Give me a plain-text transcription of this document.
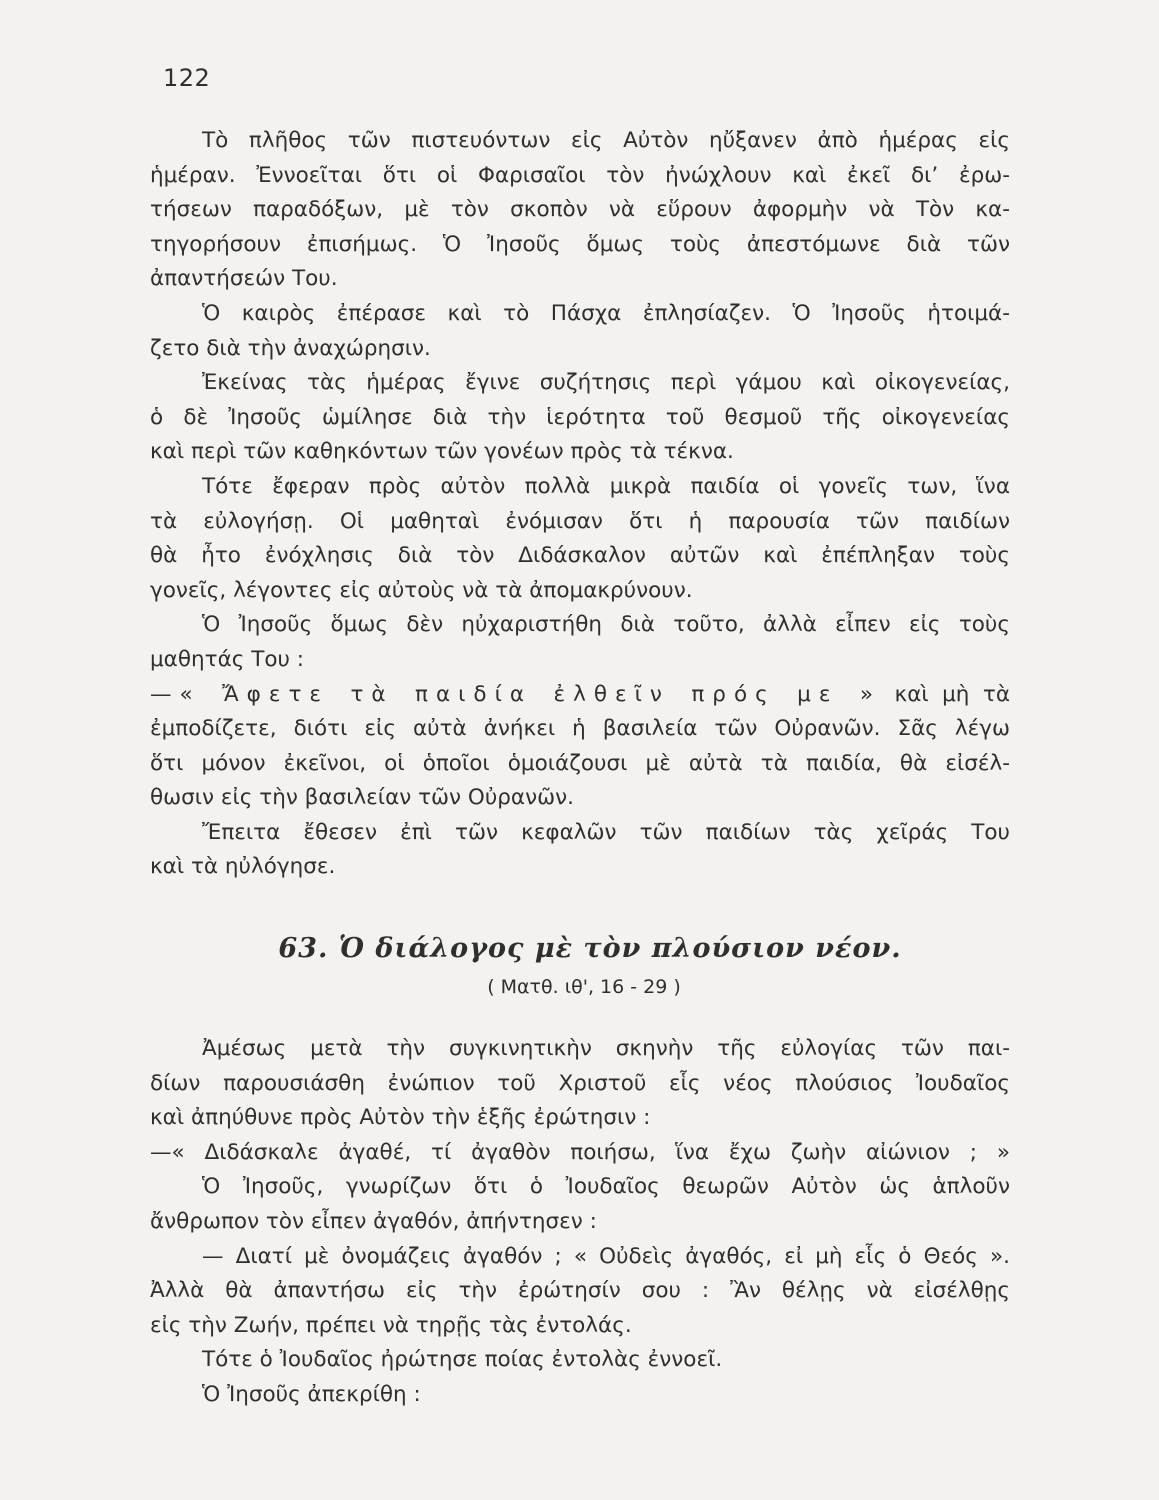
122
Τὸ πλῆθος τῶν πιστευόντων εἰς Αὐτὸν ηὔξανεν ἀπὸ ἡμέρας εἰς
ἡμέραν. Ἐννοεῖται ὅτι οἱ Φαρισαῖοι τὸν ἠνώχλουν καὶ ἐκεῖ δι’ ἐρω-
τήσεων παραδόξων, μὲ τὸν σκοπὸν νὰ εὕρουν ἀφορμὴν νὰ Τὸν κα-
τηγορήσουν ἐπισήμως. Ὁ Ἰησοῦς ὅμως τοὺς ἀπεστόμωνε διὰ τῶν
ἀπαντήσεών Του.
Ὁ καιρὸς ἐπέρασε καὶ τὸ Πάσχα ἐπλησίαζεν. Ὁ Ἰησοῦς ἡτοιμά-
ζετο διὰ τὴν ἀναχώρησιν.
Ἐκείνας τὰς ἡμέρας ἔγινε συζήτησις περὶ γάμου καὶ οἰκογενείας,
ὁ δὲ Ἰησοῦς ὡμίλησε διὰ τὴν ἱερότητα τοῦ θεσμοῦ τῆς οἰκογενείας
καὶ περὶ τῶν καθηκόντων τῶν γονέων πρὸς τὰ τέκνα.
Τότε ἔφεραν πρὸς αὐτὸν πολλὰ μικρὰ παιδία οἱ γονεῖς των, ἵνα
τὰ εὐλογήσῃ. Οἱ μαθηταὶ ἐνόμισαν ὅτι ἡ παρουσία τῶν παιδίων
θὰ ἦτο ἐνόχλησις διὰ τὸν Διδάσκαλον αὐτῶν καὶ ἐπέπληξαν τοὺς
γονεῖς, λέγοντες εἰς αὐτοὺς νὰ τὰ ἀπομακρύνουν.
Ὁ Ἰησοῦς ὅμως δὲν ηὐχαριστήθη διὰ τοῦτο, ἀλλὰ εἶπεν εἰς τοὺς
μαθητάς Του :
—« Ἄφετε τὰ παιδία ἐλθεῖν πρός με » καὶ μὴ τὰ
ἐμποδίζετε, διότι εἰς αὐτὰ ἀνήκει ἡ βασιλεία τῶν Οὐρανῶν. Σᾶς λέγω
ὅτι μόνον ἐκεῖνοι, οἱ ὁποῖοι ὁμοιάζουσι μὲ αὐτὰ τὰ παιδία, θὰ εἰσέλ-
θωσιν εἰς τὴν βασιλείαν τῶν Οὐρανῶν.
Ἔπειτα ἔθεσεν ἐπὶ τῶν κεφαλῶν τῶν παιδίων τὰς χεῖράς Του
καὶ τὰ ηὐλόγησε.
63. Ὁ διάλογος μὲ τὸν πλούσιον νέον.
( Ματθ. ιθ', 16 - 29 )
Ἀμέσως μετὰ τὴν συγκινητικὴν σκηνὴν τῆς εὐλογίας τῶν παι-
δίων παρουσιάσθη ἐνώπιον τοῦ Χριστοῦ εἷς νέος πλούσιος Ἰουδαῖος
καὶ ἀπηύθυνε πρὸς Αὐτὸν τὴν ἑξῆς ἐρώτησιν :
—« Διδάσκαλε ἀγαθέ, τί ἀγαθὸν ποιήσω, ἵνα ἔχω ζωὴν αἰώνιον ; »
Ὁ Ἰησοῦς, γνωρίζων ὅτι ὁ Ἰουδαῖος θεωρῶν Αὐτὸν ὡς ἁπλοῦν
ἄνθρωπον τὸν εἶπεν ἀγαθόν, ἀπήντησεν :
— Διατί μὲ ὀνομάζεις ἀγαθόν ; « Οὐδεὶς ἀγαθός, εἰ μὴ εἷς ὁ Θεός ».
Ἀλλὰ θὰ ἀπαντήσω εἰς τὴν ἐρώτησίν σου : Ἂν θέλῃς νὰ εἰσέλθῃς
εἰς τὴν Ζωήν, πρέπει νὰ τηρῇς τὰς ἐντολάς.
Τότε ὁ Ἰουδαῖος ἠρώτησε ποίας ἐντολὰς ἐννοεῖ.
Ὁ Ἰησοῦς ἀπεκρίθη :
